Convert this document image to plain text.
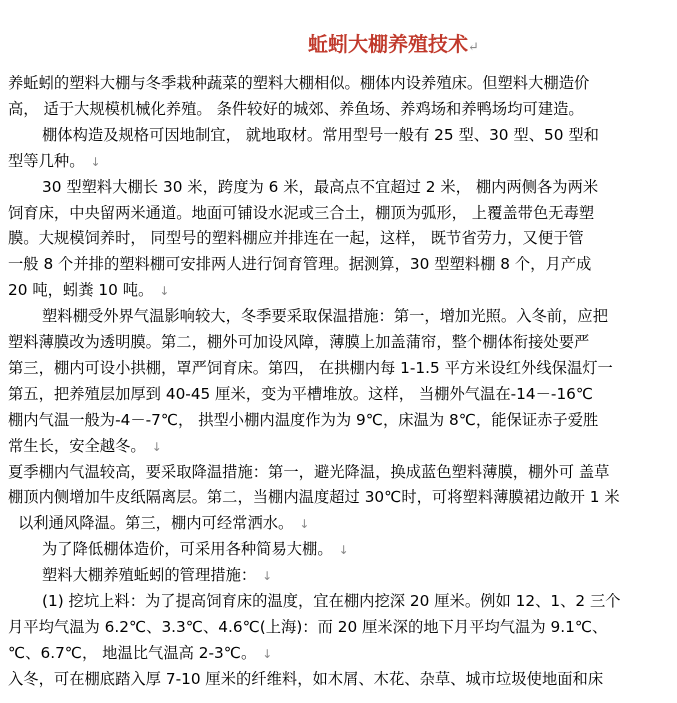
蚯蚓大棚养殖技术↵
养蚯蚓的塑料大棚与冬季栽种蔬菜的塑料大棚相似。棚体内设养殖床。但塑料大棚造价
高， 适于大规模机械化养殖。 条件较好的城郊、养鱼场、养鸡场和养鸭场均可建造。
棚体构造及规格可因地制宜， 就地取材。常用型号一般有 25 型、30 型、50 型和
型等几种。 ↓
30 型塑料大棚长 30 米，跨度为 6 米，最高点不宜超过 2 米， 棚内两侧各为两米
饲育床，中央留两米通道。地面可铺设水泥或三合土，棚顶为弧形， 上覆盖带色无毒塑
膜。大规模饲养时， 同型号的塑料棚应并排连在一起，这样， 既节省劳力，又便于管
一般 8 个并排的塑料棚可安排两人进行饲育管理。据测算，30 型塑料棚 8 个，月产成
20 吨，蚓粪 10 吨。 ↓
塑料棚受外界气温影响较大，冬季要采取保温措施：第一，增加光照。入冬前，应把
塑料薄膜改为透明膜。第二，棚外可加设风障，薄膜上加盖蒲帘，整个棚体衔接处要严
第三，棚内可设小拱棚，罩严饲育床。第四， 在拱棚内每 1-1.5 平方米设红外线保温灯一
第五，把养殖层加厚到 40-45 厘米，变为平槽堆放。这样， 当棚外气温在-14－-16℃
棚内气温一般为-4－-7℃， 拱型小棚内温度作为为 9℃，床温为 8℃，能保证赤子爱胜
常生长，安全越冬。 ↓
夏季棚内气温较高，要采取降温措施：第一，避光降温，换成蓝色塑料薄膜，棚外可 盖草
棚顶内侧增加牛皮纸隔离层。第二，当棚内温度超过 30℃时，可将塑料薄膜裙边敞开 1 米
以利通风降温。第三，棚内可经常洒水。 ↓
为了降低棚体造价，可采用各种简易大棚。 ↓
塑料大棚养殖蚯蚓的管理措施： ↓
(1) 挖坑上料：为了提高饲育床的温度，宜在棚内挖深 20 厘米。例如 12、1、2 三个
月平均气温为 6.2℃、3.3℃、4.6℃(上海)：而 20 厘米深的地下月平均气温为 9.1℃、
℃、6.7℃， 地温比气温高 2-3℃。 ↓
入冬，可在棚底踏入厚 7-10 厘米的纤维料，如木屑、木花、杂草、城市垃圾使地面和床
